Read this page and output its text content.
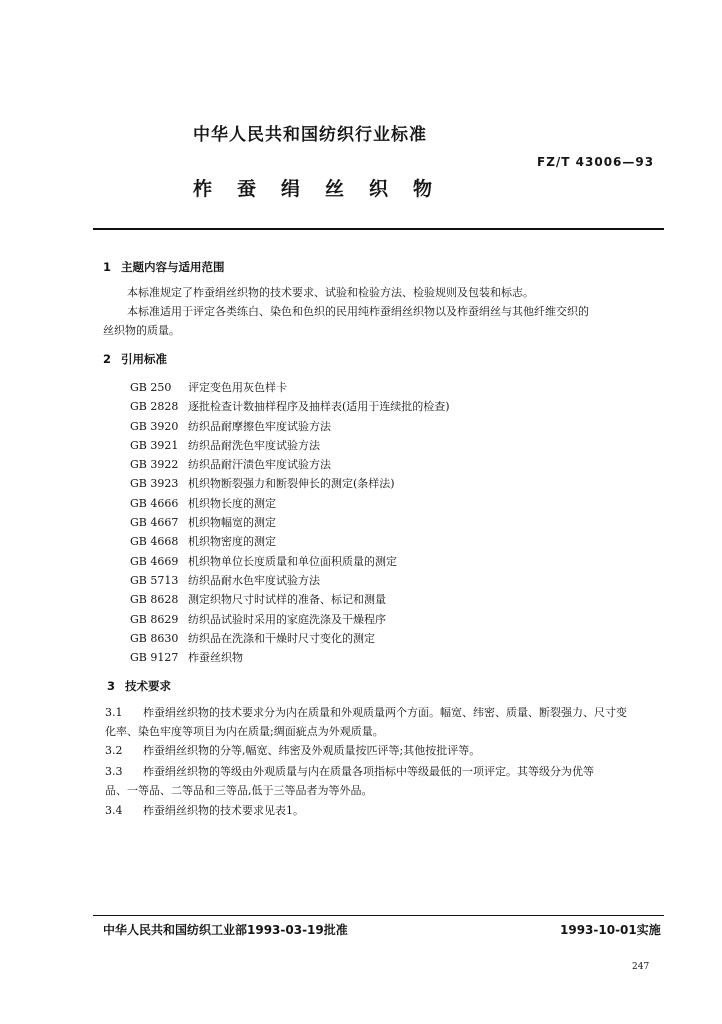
中华人民共和国纺织行业标准
FZ/T 43006—93
柞蚕绢丝织物
1 主题内容与适用范围
本标准规定了柞蚕绢丝织物的技术要求、试验和检验方法、检验规则及包装和标志。
本标准适用于评定各类练白、染色和色织的民用纯柞蚕绢丝织物以及柞蚕绢丝与其他纤维交织的
丝织物的质量。
2 引用标准
GB 250 评定变色用灰色样卡
GB 2828 逐批检查计数抽样程序及抽样表(适用于连续批的检查)
GB 3920 纺织品耐摩擦色牢度试验方法
GB 3921 纺织品耐洗色牢度试验方法
GB 3922 纺织品耐汗渍色牢度试验方法
GB 3923 机织物断裂强力和断裂伸长的测定(条样法)
GB 4666 机织物长度的测定
GB 4667 机织物幅宽的测定
GB 4668 机织物密度的测定
GB 4669 机织物单位长度质量和单位面积质量的测定
GB 5713 纺织品耐水色牢度试验方法
GB 8628 测定织物尺寸时试样的准备、标记和测量
GB 8629 纺织品试验时采用的家庭洗涤及干燥程序
GB 8630 纺织品在洗涤和干燥时尺寸变化的测定
GB 9127 柞蚕丝织物
3 技术要求
3.1 柞蚕绢丝织物的技术要求分为内在质量和外观质量两个方面。幅宽、纬密、质量、断裂强力、尺寸变
化率、染色牢度等项目为内在质量;绸面疵点为外观质量。
3.2 柞蚕绢丝织物的分等,幅宽、纬密及外观质量按匹评等;其他按批评等。
3.3 柞蚕绢丝织物的等级由外观质量与内在质量各项指标中等级最低的一项评定。其等级分为优等
品、一等品、二等品和三等品,低于三等品者为等外品。
3.4 柞蚕绢丝织物的技术要求见表1。
中华人民共和国纺织工业部1993-03-19批准	1993-10-01实施
247
